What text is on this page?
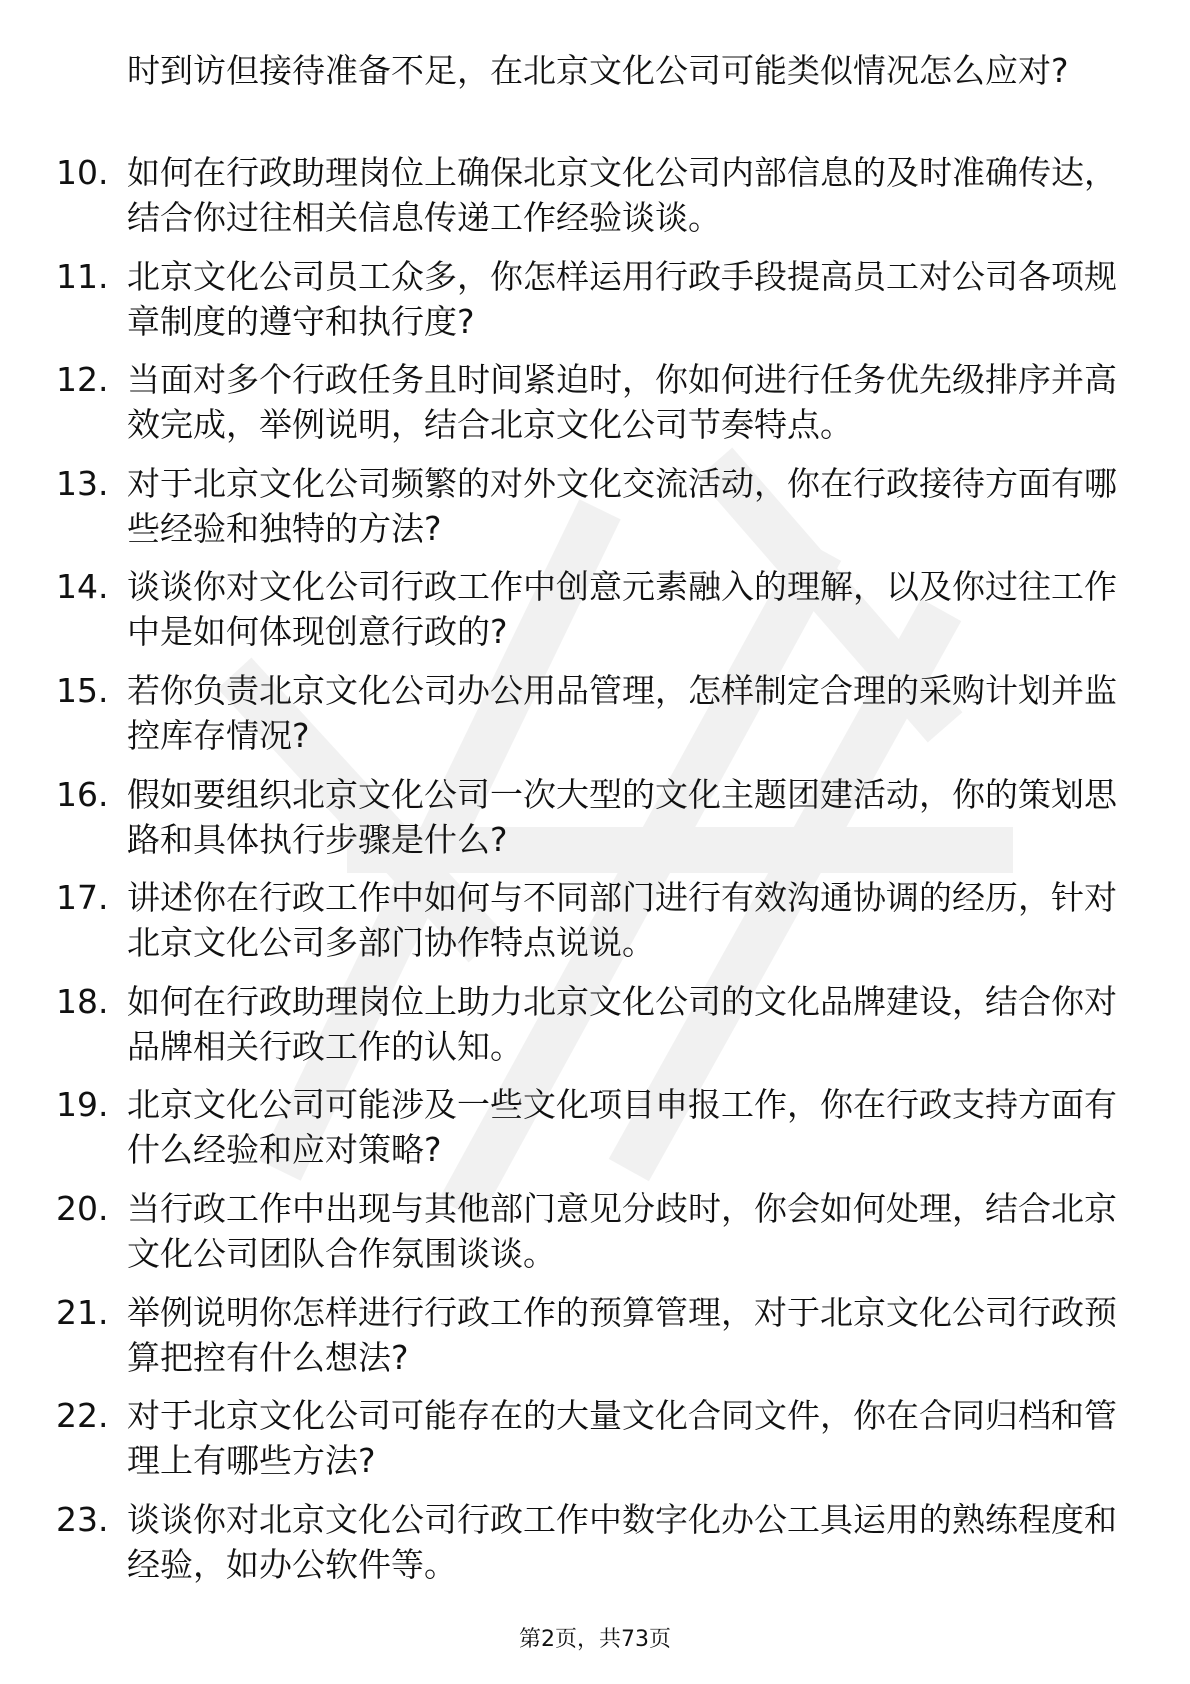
时到访但接待准备不足，在北京文化公司可能类似情况怎么应对?
10. 如何在行政助理岗位上确保北京文化公司内部信息的及时准确传达，结合你过往相关信息传递工作经验谈谈。
11. 北京文化公司员工众多，你怎样运用行政手段提高员工对公司各项规章制度的遵守和执行度?
12. 当面对多个行政任务且时间紧迫时，你如何进行任务优先级排序并高效完成，举例说明，结合北京文化公司节奏特点。
13. 对于北京文化公司频繁的对外文化交流活动，你在行政接待方面有哪些经验和独特的方法?
14. 谈谈你对文化公司行政工作中创意元素融入的理解，以及你过往工作中是如何体现创意行政的?
15. 若你负责北京文化公司办公用品管理，怎样制定合理的采购计划并监控库存情况?
16. 假如要组织北京文化公司一次大型的文化主题团建活动，你的策划思路和具体执行步骤是什么?
17. 讲述你在行政工作中如何与不同部门进行有效沟通协调的经历，针对北京文化公司多部门协作特点说说。
18. 如何在行政助理岗位上助力北京文化公司的文化品牌建设，结合你对品牌相关行政工作的认知。
19. 北京文化公司可能涉及一些文化项目申报工作，你在行政支持方面有什么经验和应对策略?
20. 当行政工作中出现与其他部门意见分歧时，你会如何处理，结合北京文化公司团队合作氛围谈谈。
21. 举例说明你怎样进行行政工作的预算管理，对于北京文化公司行政预算把控有什么想法?
22. 对于北京文化公司可能存在的大量文化合同文件，你在合同归档和管理上有哪些方法?
23. 谈谈你对北京文化公司行政工作中数字化办公工具运用的熟练程度和经验，如办公软件等。
第2页，共73页
